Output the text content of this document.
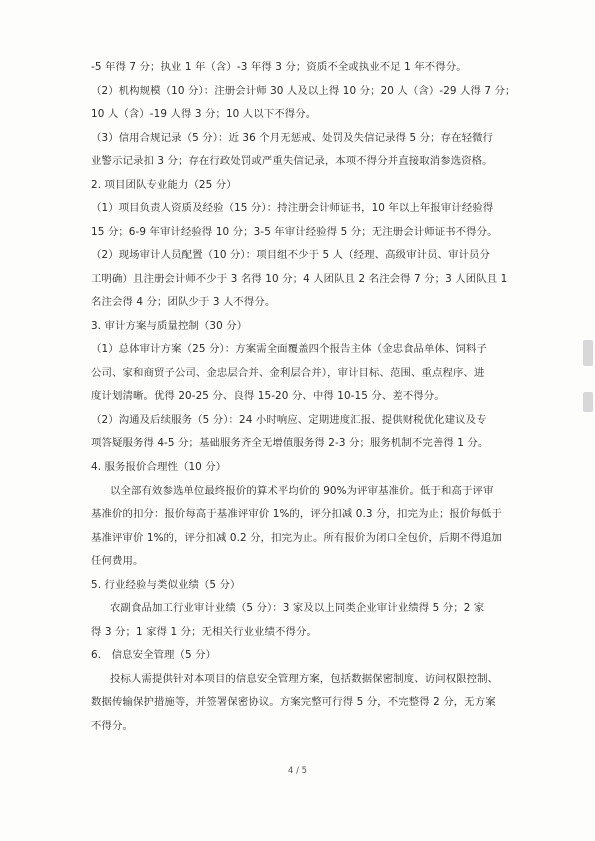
-5 年得 7 分；执业 1 年（含）-3 年得 3 分；资质不全或执业不足 1 年不得分。
（2）机构规模（10 分）：注册会计师 30 人及以上得 10 分；20 人（含）-29 人得 7 分；
10 人（含）-19 人得 3 分；10 人以下不得分。
（3）信用合规记录（5 分）：近 36 个月无惩戒、处罚及失信记录得 5 分；存在轻微行
业警示记录扣 3 分；存在行政处罚或严重失信记录，本项不得分并直接取消参选资格。
2. 项目团队专业能力（25 分）
（1）项目负责人资质及经验（15 分）：持注册会计师证书，10 年以上年报审计经验得
15 分；6-9 年审计经验得 10 分；3-5 年审计经验得 5 分；无注册会计师证书不得分。
（2）现场审计人员配置（10 分）：项目组不少于 5 人（经理、高级审计员、审计员分
工明确）且注册会计师不少于 3 名得 10 分；4 人团队且 2 名注会得 7 分；3 人团队且 1
名注会得 4 分；团队少于 3 人不得分。
3. 审计方案与质量控制（30 分）
（1）总体审计方案（25 分）：方案需全面覆盖四个报告主体（金忠食品单体、饲料子
公司、家和商贸子公司、金忠层合并、金利层合并），审计目标、范围、重点程序、进
度计划清晰。优得 20-25 分、良得 15-20 分、中得 10-15 分、差不得分。
（2）沟通及后续服务（5 分）：24 小时响应、定期进度汇报、提供财税优化建议及专
项答疑服务得 4-5 分；基础服务齐全无增值服务得 2-3 分；服务机制不完善得 1 分。
4. 服务报价合理性（10 分）
以全部有效参选单位最终报价的算术平均价的 90%为评审基准价。低于和高于评审
基准价的扣分：报价每高于基准评审价 1%的，评分扣减 0.3 分，扣完为止；报价每低于
基准评审价 1%的，评分扣减 0.2 分，扣完为止。所有报价为闭口全包价，后期不得追加
任何费用。
5. 行业经验与类似业绩（5 分）
农副食品加工行业审计业绩（5 分）：3 家及以上同类企业审计业绩得 5 分；2 家
得 3 分；1 家得 1 分；无相关行业业绩不得分。
6.　信息安全管理（5 分）
投标人需提供针对本项目的信息安全管理方案，包括数据保密制度、访问权限控制、
数据传输保护措施等，并签署保密协议。方案完整可行得 5 分，不完整得 2 分，无方案
不得分。
4 / 5
